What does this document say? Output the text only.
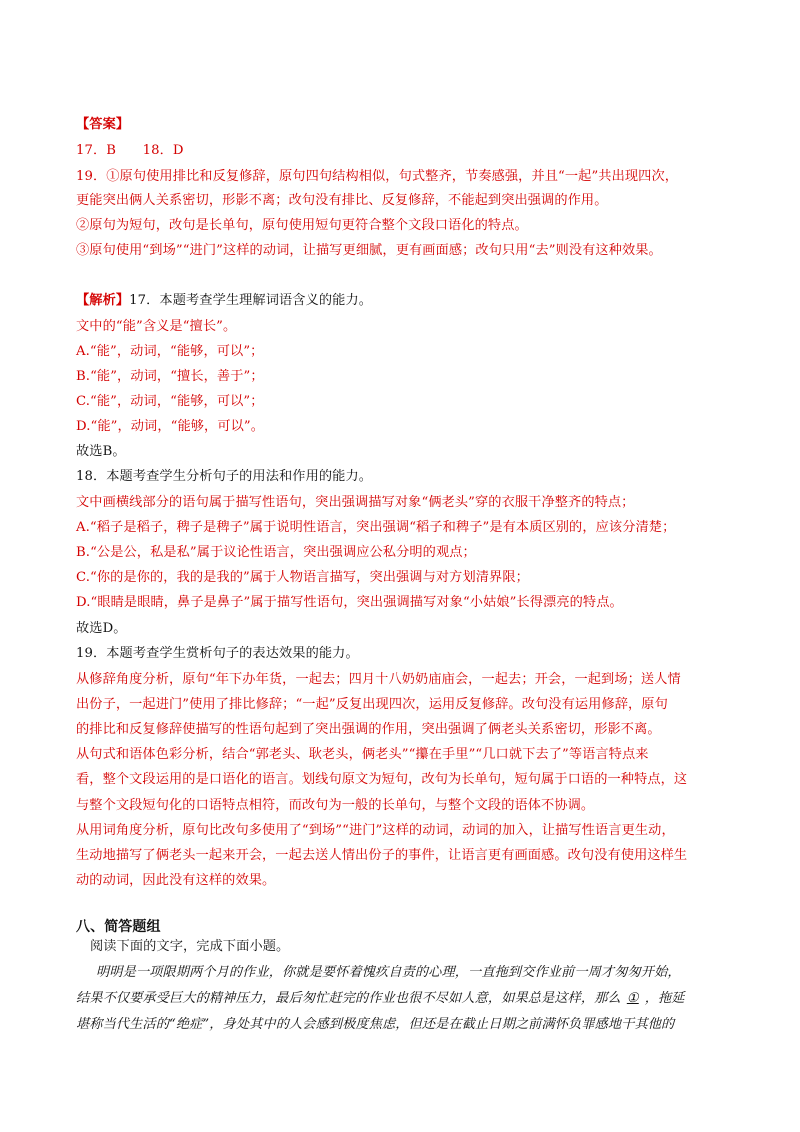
【答案】
17．B　　18．D
19．①原句使用排比和反复修辞，原句四句结构相似，句式整齐，节奏感强，并且“一起”共出现四次，
更能突出俩人关系密切，形影不离；改句没有排比、反复修辞，不能起到突出强调的作用。
②原句为短句，改句是长单句，原句使用短句更符合整个文段口语化的特点。
③原句使用“到场”“进门”这样的动词，让描写更细腻，更有画面感；改句只用“去”则没有这种效果。
【解析】17．本题考查学生理解词语含义的能力。
文中的“能”含义是“擅长”。
A.“能”，动词，“能够，可以”；
B.“能”，动词，“擅长，善于”；
C.“能”，动词，“能够，可以”；
D.“能”，动词，“能够，可以”。
故选B。
18．本题考查学生分析句子的用法和作用的能力。
文中画横线部分的语句属于描写性语句，突出强调描写对象“俩老头”穿的衣服干净整齐的特点；
A.“稻子是稻子，稗子是稗子”属于说明性语言，突出强调“稻子和稗子”是有本质区别的，应该分清楚；
B.“公是公，私是私”属于议论性语言，突出强调应公私分明的观点；
C.“你的是你的，我的是我的”属于人物语言描写，突出强调与对方划清界限；
D.“眼睛是眼睛，鼻子是鼻子”属于描写性语句，突出强调描写对象“小姑娘”长得漂亮的特点。
故选D。
19．本题考查学生赏析句子的表达效果的能力。
从修辞角度分析，原句“年下办年货，一起去；四月十八奶奶庙庙会，一起去；开会，一起到场；送人情
出份子，一起进门”使用了排比修辞；“一起”反复出现四次，运用反复修辞。改句没有运用修辞，原句
的排比和反复修辞使描写的性语句起到了突出强调的作用，突出强调了俩老头关系密切，形影不离。
从句式和语体色彩分析，结合“郭老头、耿老头，俩老头”“攥在手里”“几口就下去了”等语言特点来
看，整个文段运用的是口语化的语言。划线句原文为短句，改句为长单句，短句属于口语的一种特点，这
与整个文段短句化的口语特点相符，而改句为一般的长单句，与整个文段的语体不协调。
从用词角度分析，原句比改句多使用了“到场”“进门”这样的动词，动词的加入，让描写性语言更生动，
生动地描写了俩老头一起来开会，一起去送人情出份子的事件，让语言更有画面感。改句没有使用这样生
动的动词，因此没有这样的效果。
八、简答题组
阅读下面的文字，完成下面小题。
明明是一项限期两个月的作业，你就是要怀着愧疚自责的心理，一直拖到交作业前一周才匆匆开始，
结果不仅要承受巨大的精神压力，最后匆忙赶完的作业也很不尽如人意，如果总是这样，那么 ① ，拖延
堪称当代生活的“绝症”，身处其中的人会感到极度焦虑，但还是在截止日期之前满怀负罪感地干其他的
